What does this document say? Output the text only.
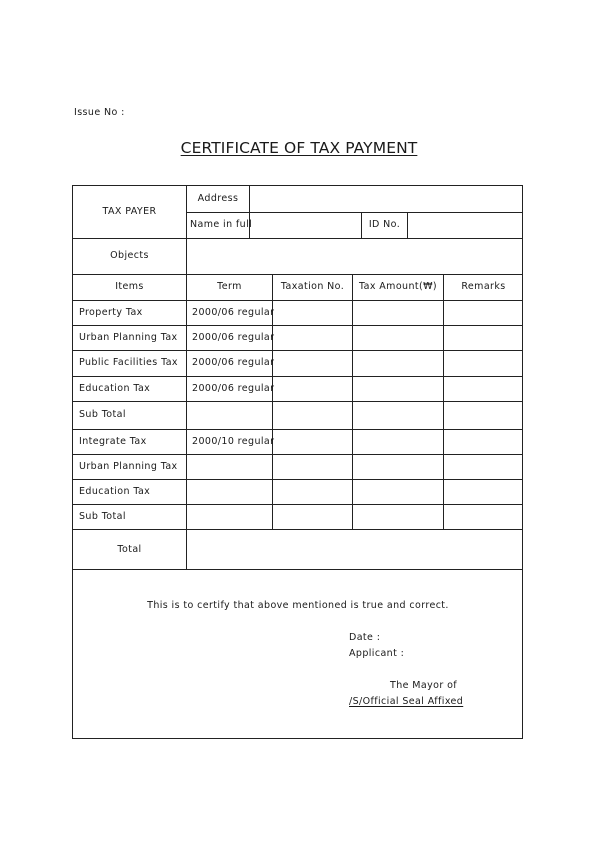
Issue No :
CERTIFICATE OF TAX PAYMENT
TAX PAYER
Address
Name in full	ID No.
Objects
Items	Term	Taxation No.	Tax Amount(₩)	Remarks
Property Tax	2000/06 regular
Urban Planning Tax 2000/06 regular
Public Facilities Tax 2000/06 regular
Education Tax	2000/06 regular
Sub Total
Integrate Tax	2000/10 regular
Urban Planning Tax
Education Tax
Sub Total
Total
This is to certify that above mentioned is true and correct.
Date :
Applicant :
The Mayor of
/S/Official Seal Affixed
